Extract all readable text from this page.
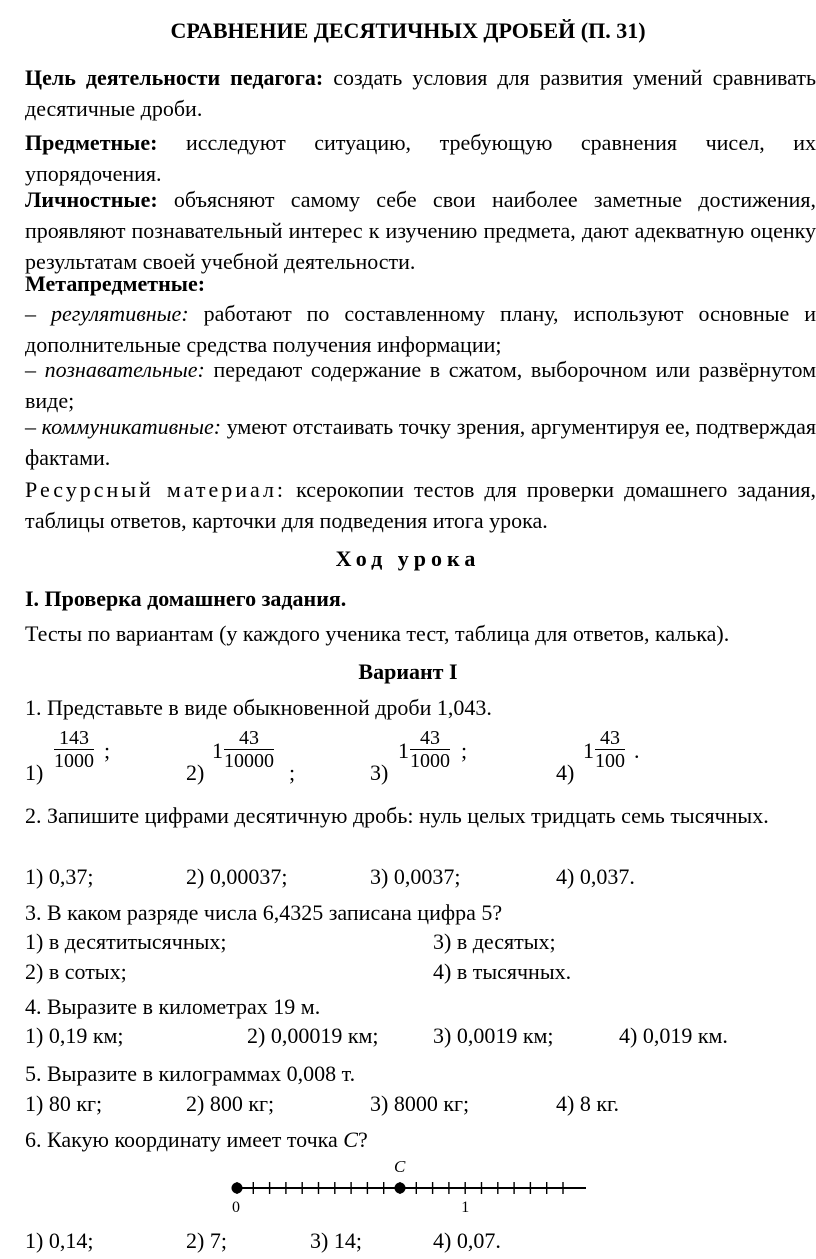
СРАВНЕНИЕ ДЕСЯТИЧНЫХ ДРОБЕЙ (П. 31)

Цель деятельности педагога: создать условия для развития умений сравнивать десятичные дроби.

Предметные: исследуют ситуацию, требующую сравнения чисел, их упорядочения.

Личностные: объясняют самому себе свои наиболее заметные достижения, проявляют познавательный интерес к изучению предмета, дают адекватную оценку результатам своей учебной деятельности.

Метапредметные:

– регулятивные: работают по составленному плану, используют основные и дополнительные средства получения информации;

– познавательные: передают содержание в сжатом, выборочном или развёрнутом виде;

– коммуникативные: умеют отстаивать точку зрения, аргументируя ее, подтверждая фактами.

Ресурсный материал: ксерокопии тестов для проверки домашнего задания, таблицы ответов, карточки для подведения итога урока.

Ход урока

I. Проверка домашнего задания.

Тесты по вариантам (у каждого ученика тест, таблица для ответов, калька).

Вариант I

1. Представьте в виде обыкновенной дроби 1,043.

1)
$\frac{143}{1000}$ ;
2)
$1 \frac{43}{10000}$
;	3)
$1 \frac{43}{1000}$ ;
4)
$1 \frac{43}{100}$ .

2. Запишите цифрами десятичную дробь: нуль целых тридцать семь тысячных.

1) 0,37;	2) 0,00037;	3) 0,0037;	4) 0,037.
3. В каком разряде числа 6,4325 записана цифра 5?
1) в десятитысячных;	3) в десятых;
2) в сотых;	4) в тысячных.
4. Выразите в километрах 19 м.
1) 0,19 км;	2) 0,00019 км; 3) 0,0019 км;	4) 0,019 км.
5. Выразите в килограммах 0,008 т.
1) 80 кг;	2) 800 кг;	3) 8000 кг;	4) 8 кг.
6. Какую координату имеет точка C?
C
0	1
1) 0,14;	2) 7;	3) 14;	4) 0,07.
